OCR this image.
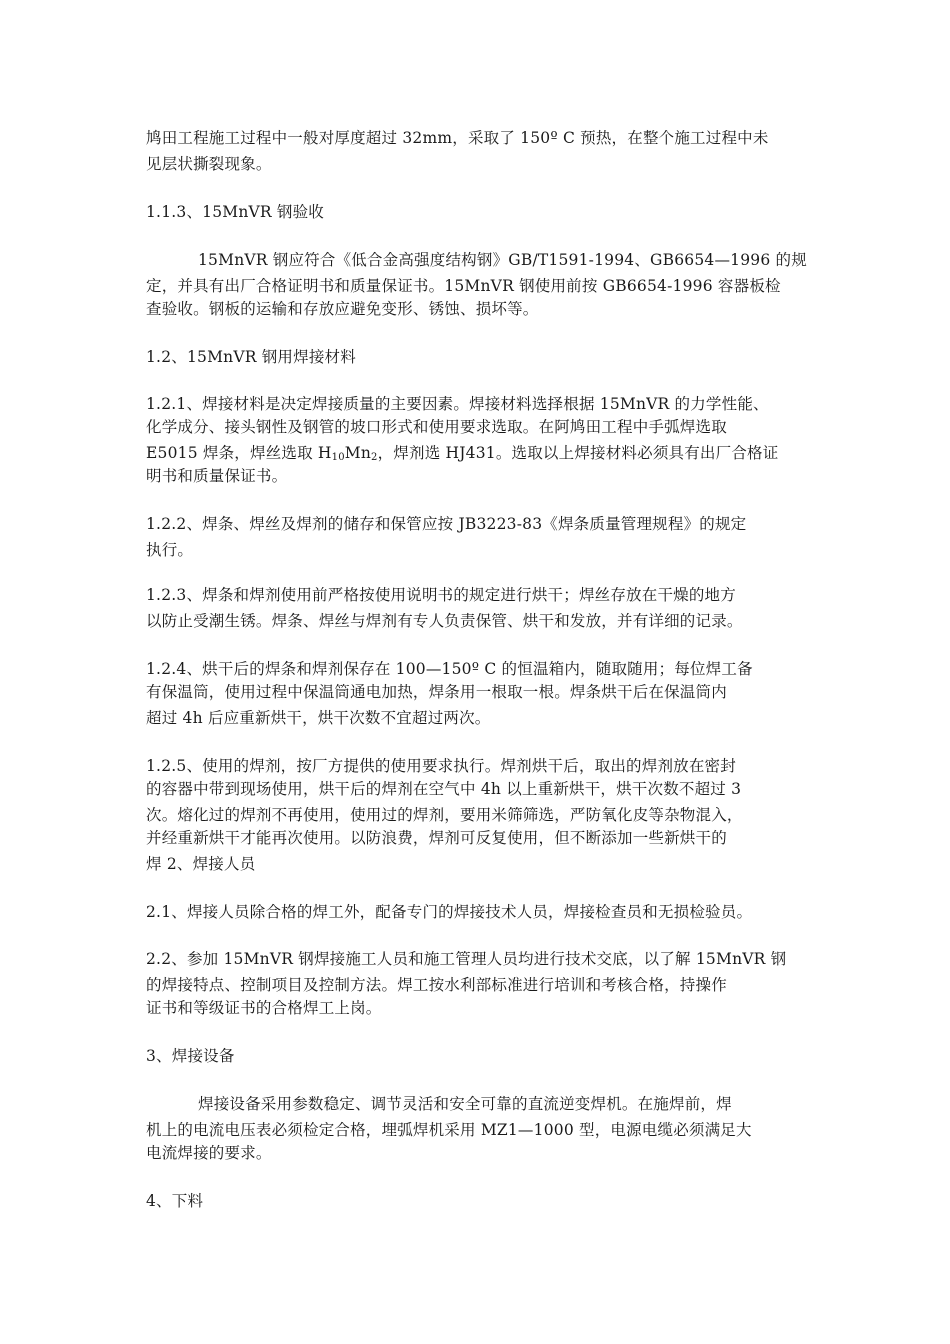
鸠田工程施工过程中一般对厚度超过 32mm，采取了 150º C 预热，在整个施工过程中未
见层状撕裂现象。
1.1.3、15MnVR 钢验收
15MnVR 钢应符合《低合金高强度结构钢》GB/T1591-1994、GB6654—1996 的规
定，并具有出厂合格证明书和质量保证书。15MnVR 钢使用前按 GB6654-1996 容器板检
查验收。钢板的运输和存放应避免变形、锈蚀、损坏等。
1.2、15MnVR 钢用焊接材料
1.2.1、焊接材料是决定焊接质量的主要因素。焊接材料选择根据 15MnVR 的力学性能、
化学成分、接头钢性及钢管的坡口形式和使用要求选取。在阿鸠田工程中手弧焊选取
E5015 焊条，焊丝选取 $H_{10}Mn_2$，焊剂选 HJ431。选取以上焊接材料必须具有出厂合格证
明书和质量保证书。
1.2.2、焊条、焊丝及焊剂的储存和保管应按 JB3223-83《焊条质量管理规程》的规定
执行。
1.2.3、焊条和焊剂使用前严格按使用说明书的规定进行烘干；焊丝存放在干燥的地方
以防止受潮生锈。焊条、焊丝与焊剂有专人负责保管、烘干和发放，并有详细的记录。
1.2.4、烘干后的焊条和焊剂保存在 100—150º C 的恒温箱内，随取随用；每位焊工备
有保温筒，使用过程中保温筒通电加热，焊条用一根取一根。焊条烘干后在保温筒内
超过 4h 后应重新烘干，烘干次数不宜超过两次。
1.2.5、使用的焊剂，按厂方提供的使用要求执行。焊剂烘干后，取出的焊剂放在密封
的容器中带到现场使用，烘干后的焊剂在空气中 4h 以上重新烘干，烘干次数不超过 3
次。熔化过的焊剂不再使用，使用过的焊剂，要用米筛筛选，严防氧化皮等杂物混入，
并经重新烘干才能再次使用。以防浪费，焊剂可反复使用，但不断添加一些新烘干的
焊 2、焊接人员
2.1、焊接人员除合格的焊工外，配备专门的焊接技术人员，焊接检查员和无损检验员。
2.2、参加 15MnVR 钢焊接施工人员和施工管理人员均进行技术交底，以了解 15MnVR 钢
的焊接特点、控制项目及控制方法。焊工按水利部标准进行培训和考核合格，持操作
证书和等级证书的合格焊工上岗。
3、焊接设备
焊接设备采用参数稳定、调节灵活和安全可靠的直流逆变焊机。在施焊前，焊
机上的电流电压表必须检定合格，埋弧焊机采用 MZ1—1000 型，电源电缆必须满足大
电流焊接的要求。
4、下料
